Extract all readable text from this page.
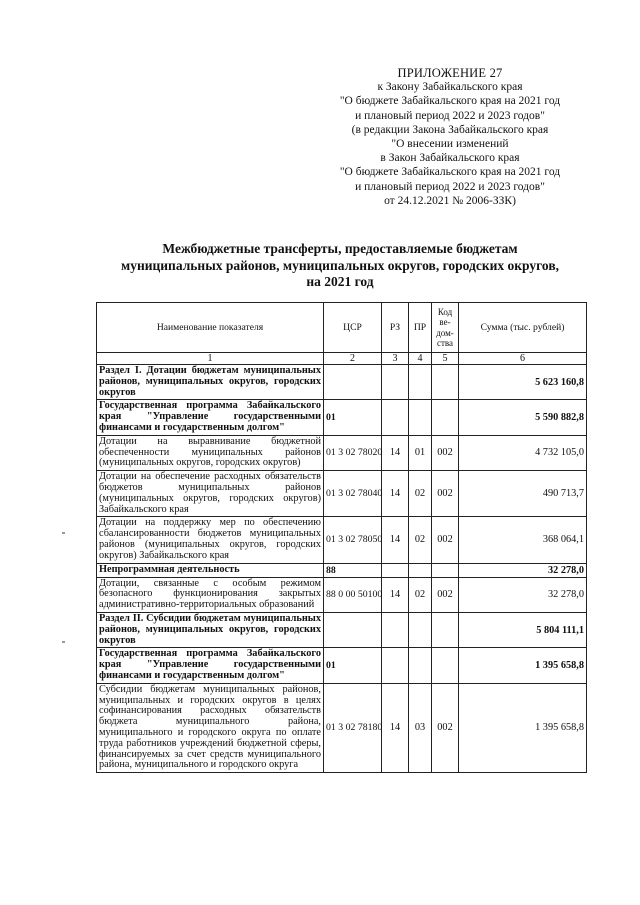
ПРИЛОЖЕНИЕ 27
к Закону Забайкальского края
"О бюджете Забайкальского края на 2021 год
и плановый период 2022 и 2023 годов"
(в редакции Закона Забайкальского края
"О внесении изменений
в Закон Забайкальского края
"О бюджете Забайкальского края на 2021 год
и плановый период 2022 и 2023 годов"
от 24.12.2021 № 2006-ЗЗК)
Межбюджетные трансферты, предоставляемые бюджетам
муниципальных районов, муниципальных округов, городских округов,
на 2021 год
Наименование показателя	ЦСР	РЗ	ПР	Код ве-дом-ства	Сумма (тыс. рублей)
1	2	3	4	5	6
Раздел I. Дотации бюджетам муниципальных районов, муниципальных округов, городских округов					5 623 160,8
Государственная программа Забайкальского края "Управление государственными финансами и государственным долгом"	01				5 590 882,8
Дотации на выравнивание бюджетной обеспеченности муниципальных районов (муниципальных округов, городских округов)	01 3 02 78020	14	01	002	4 732 105,0
Дотации на обеспечение расходных обязательств бюджетов муниципальных районов (муниципальных округов, городских округов) Забайкальского края	01 3 02 78040	14	02	002	490 713,7
Дотации на поддержку мер по обеспечению сбалансированности бюджетов муниципальных районов (муниципальных округов, городских округов) Забайкальского края	01 3 02 78050	14	02	002	368 064,1
Непрограммная деятельность	88				32 278,0
Дотации, связанные с особым режимом безопасного функционирования закрытых административно-территориальных образований	88 0 00 50100	14	02	002	32 278,0
Раздел II. Субсидии бюджетам муниципальных районов, муниципальных округов, городских округов					5 804 111,1
Государственная программа Забайкальского края "Управление государственными финансами и государственным долгом"	01				1 395 658,8
Субсидии бюджетам муниципальных районов, муниципальных и городских округов в целях софинансирования расходных обязательств бюджета муниципального района, муниципального и городского округа по оплате труда работников учреждений бюджетной сферы, финансируемых за счет средств муниципального района, муниципального и городского округа	01 3 02 78180	14	03	002	1 395 658,8
